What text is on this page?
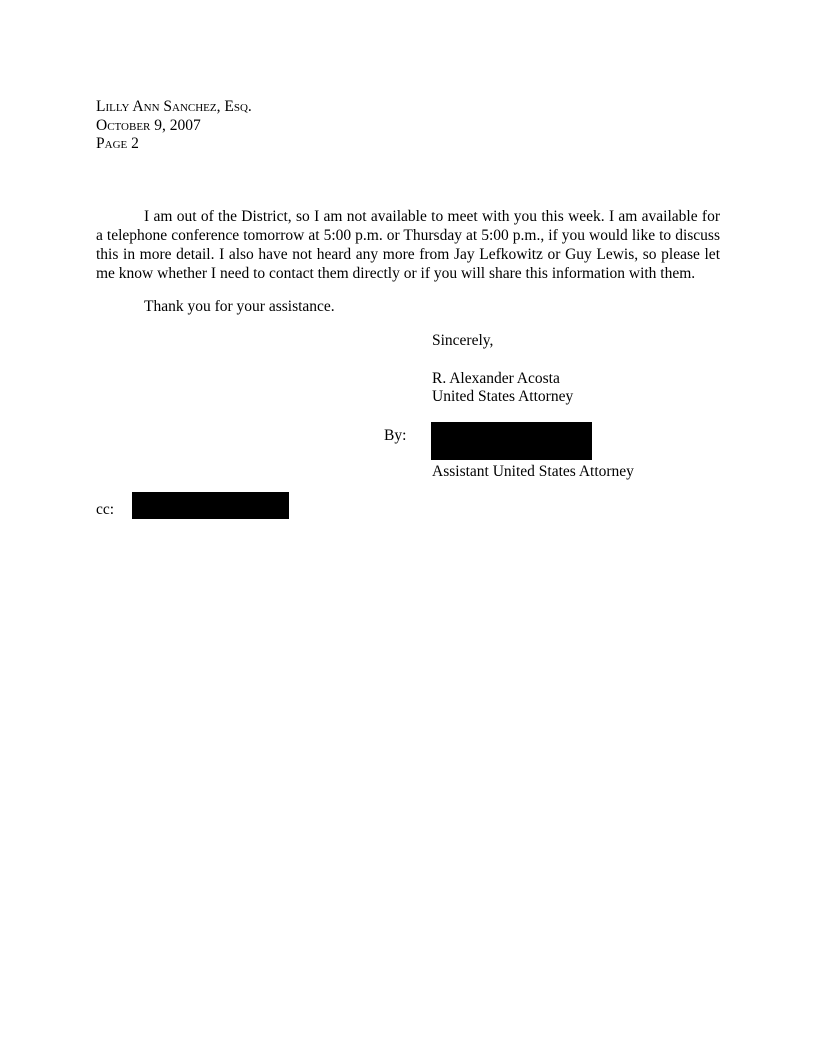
Lilly Ann Sanchez, Esq.
October 9, 2007
Page 2
I am out of the District, so I am not available to meet with you this week. I am available for a telephone conference tomorrow at 5:00 p.m. or Thursday at 5:00 p.m., if you would like to discuss this in more detail. I also have not heard any more from Jay Lefkowitz or Guy Lewis, so please let me know whether I need to contact them directly or if you will share this information with them.
Thank you for your assistance.
Sincerely,
R. Alexander Acosta
United States Attorney
By:
Assistant United States Attorney
cc:
